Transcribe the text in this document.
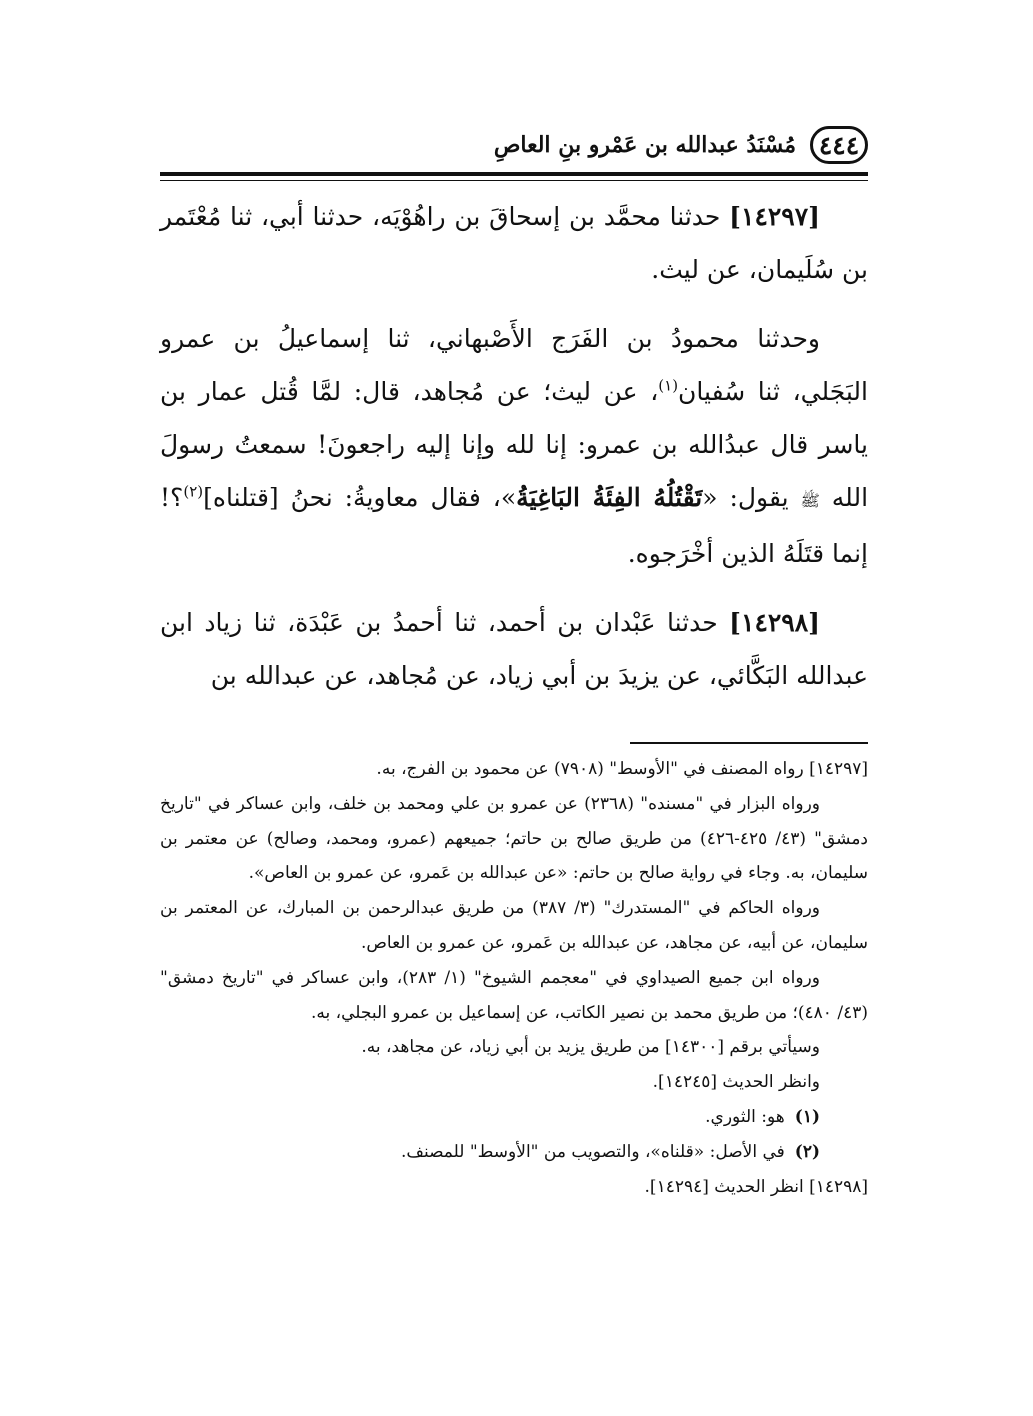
٤٤٤
مُسْنَدُ عبدالله بن عَمْرو بنِ العاصِ

[١٤٢٩٧] حدثنا محمَّد بن إسحاقَ بن راهُوْيَه، حدثنا أبي، ثنا مُعْتَمر بن سُلَيمان، عن ليث.

وحدثنا محمودُ بن الفَرَج الأَصْبهاني، ثنا إسماعيلُ بن عمرو البَجَلي، ثنا سُفيان$^{(١)}$، عن ليث؛ عن مُجاهد، قال: لمَّا قُتل عمار بن ياسر قال عبدُالله بن عمرو: إنا لله وإنا إليه راجعونَ! سمعتُ رسولَ الله ﷺ يقول: «تَقْتُلُهُ الفِئَةُ البَاغِيَةُ»، فقال معاويةُ: نحنُ [قتلناه]$^{(٢)}$؟! إنما قتَلَهُ الذين أخْرَجوه.

[١٤٢٩٨] حدثنا عَبْدان بن أحمد، ثنا أحمدُ بن عَبْدَة، ثنا زياد ابن عبدالله البَكَّائي، عن يزيدَ بن أبي زياد، عن مُجاهد، عن عبدالله بن

[١٤٢٩٧] رواه المصنف في "الأوسط" (٧٩٠٨) عن محمود بن الفرج، به.

ورواه البزار في "مسنده" (٢٣٦٨) عن عمرو بن علي ومحمد بن خلف، وابن عساكر في "تاريخ دمشق" (٤٣/ ٤٢٥-٤٢٦) من طريق صالح بن حاتم؛ جميعهم (عمرو، ومحمد، وصالح) عن معتمر بن سليمان، به. وجاء في رواية صالح بن حاتم: «عن عبدالله بن عَمرو، عن عمرو بن العاص».

ورواه الحاكم في "المستدرك" (٣/ ٣٨٧) من طريق عبدالرحمن بن المبارك، عن المعتمر بن سليمان، عن أبيه، عن مجاهد، عن عبدالله بن عَمرو، عن عمرو بن العاص.

ورواه ابن جميع الصيداوي في "معجمم الشيوخ" (١/ ٢٨٣)، وابن عساكر في "تاريخ دمشق" (٤٣/ ٤٨٠)؛ من طريق محمد بن نصير الكاتب، عن إسماعيل بن عمرو البجلي، به.

وسيأتي برقم [١٤٣٠٠] من طريق يزيد بن أبي زياد، عن مجاهد، به.

وانظر الحديث [١٤٢٤٥].

(١)هو: الثوري.

(٢)في الأصل: «قلناه»، والتصويب من "الأوسط" للمصنف.

[١٤٢٩٨] انظر الحديث [١٤٢٩٤].
